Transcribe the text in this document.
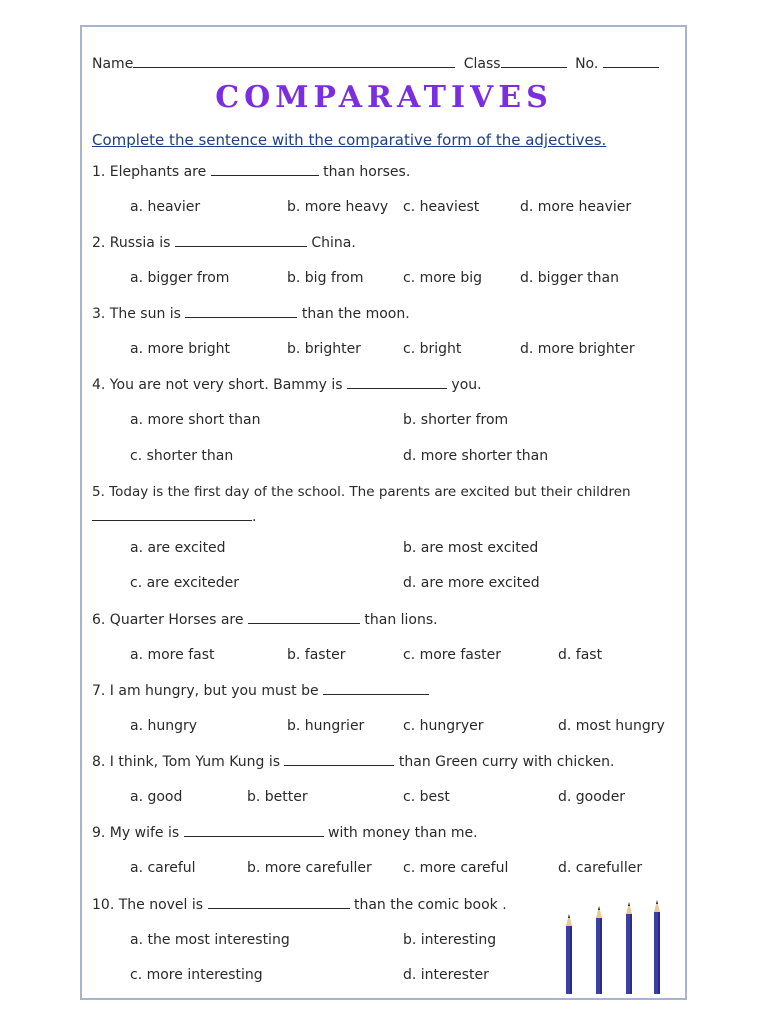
Name	Class	No.
COMPARATIVES
Complete the sentence with the comparative form of the adjectives.
1. Elephants are	than horses.
a. heavier	b. more heavy c. heaviest	d. more heavier
2. Russia is	China.
a. bigger from	b. big from	c. more big	d. bigger than
3. The sun is	than the moon.
a. more bright	b. brighter	c. bright	d. more brighter
4. You are not very short. Bammy is	you.
a. more short than	b. shorter from
c. shorter than	d. more shorter than
5. Today is the first day of the school. The parents are excited but their children
.
a. are excited	b. are most excited
c. are exciteder	d. are more excited
6. Quarter Horses are	than lions.
a. more fast	b. faster	c. more faster	d. fast
7. I am hungry, but you must be
a. hungry	b. hungrier	c. hungryer	d. most hungry
8. I think, Tom Yum Kung is	than Green curry with chicken.
a. good	b. better	c. best	d. gooder
9. My wife is	with money than me.
a. careful	b. more carefuller c. more careful	d. carefuller
10. The novel is	than the comic book .
a. the most interesting	b. interesting
c. more interesting	d. interester
